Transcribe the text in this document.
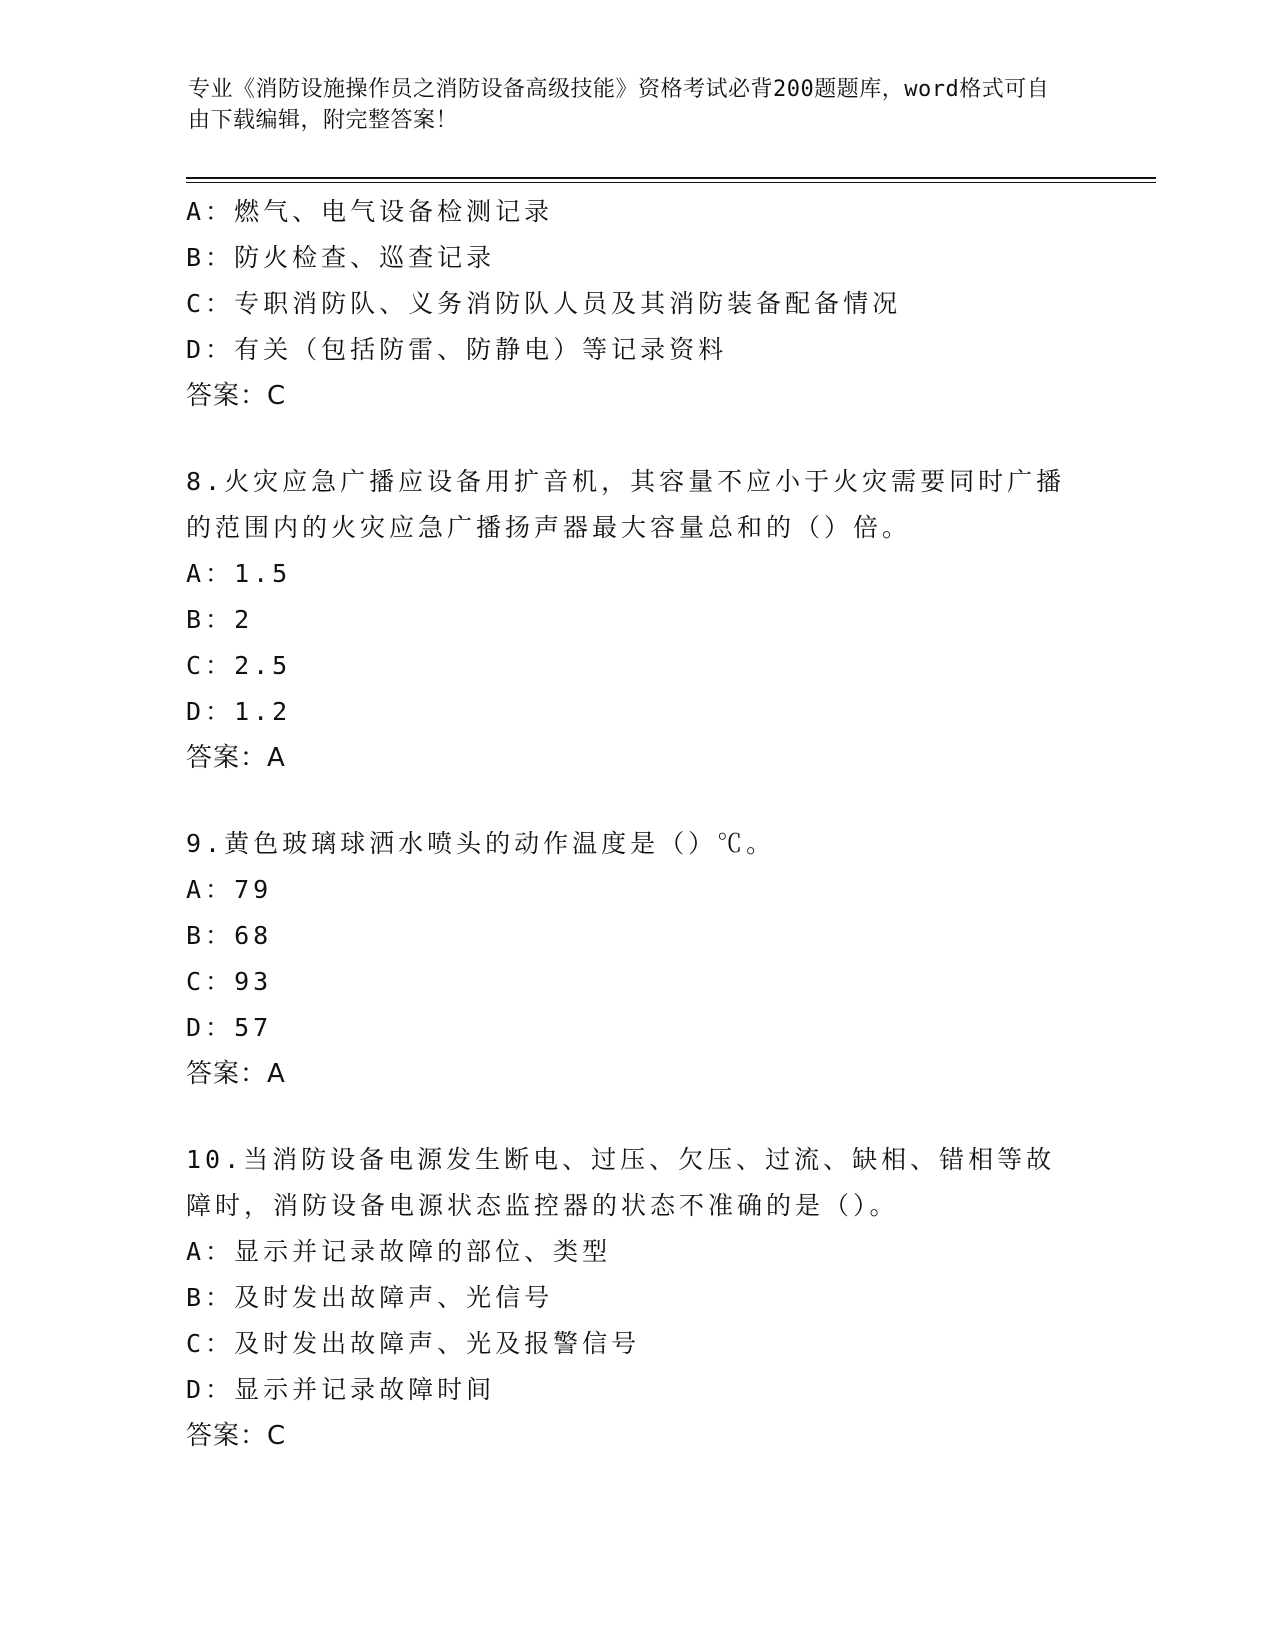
专业《消防设施操作员之消防设备高级技能》资格考试必背200题题库，word格式可自由下载编辑，附完整答案！
A：燃气、电气设备检测记录
B：防火检查、巡查记录
C：专职消防队、义务消防队人员及其消防装备配备情况
D：有关（包括防雷、防静电）等记录资料
答案：C
8.火灾应急广播应设备用扩音机，其容量不应小于火灾需要同时广播的范围内的火灾应急广播扬声器最大容量总和的（）倍。
A：1.5
B：2
C：2.5
D：1.2
答案：A
9.黄色玻璃球洒水喷头的动作温度是（）℃。
A：79
B：68
C：93
D：57
答案：A
10.当消防设备电源发生断电、过压、欠压、过流、缺相、错相等故障时，消防设备电源状态监控器的状态不准确的是（）。
A：显示并记录故障的部位、类型
B：及时发出故障声、光信号
C：及时发出故障声、光及报警信号
D：显示并记录故障时间
答案：C
